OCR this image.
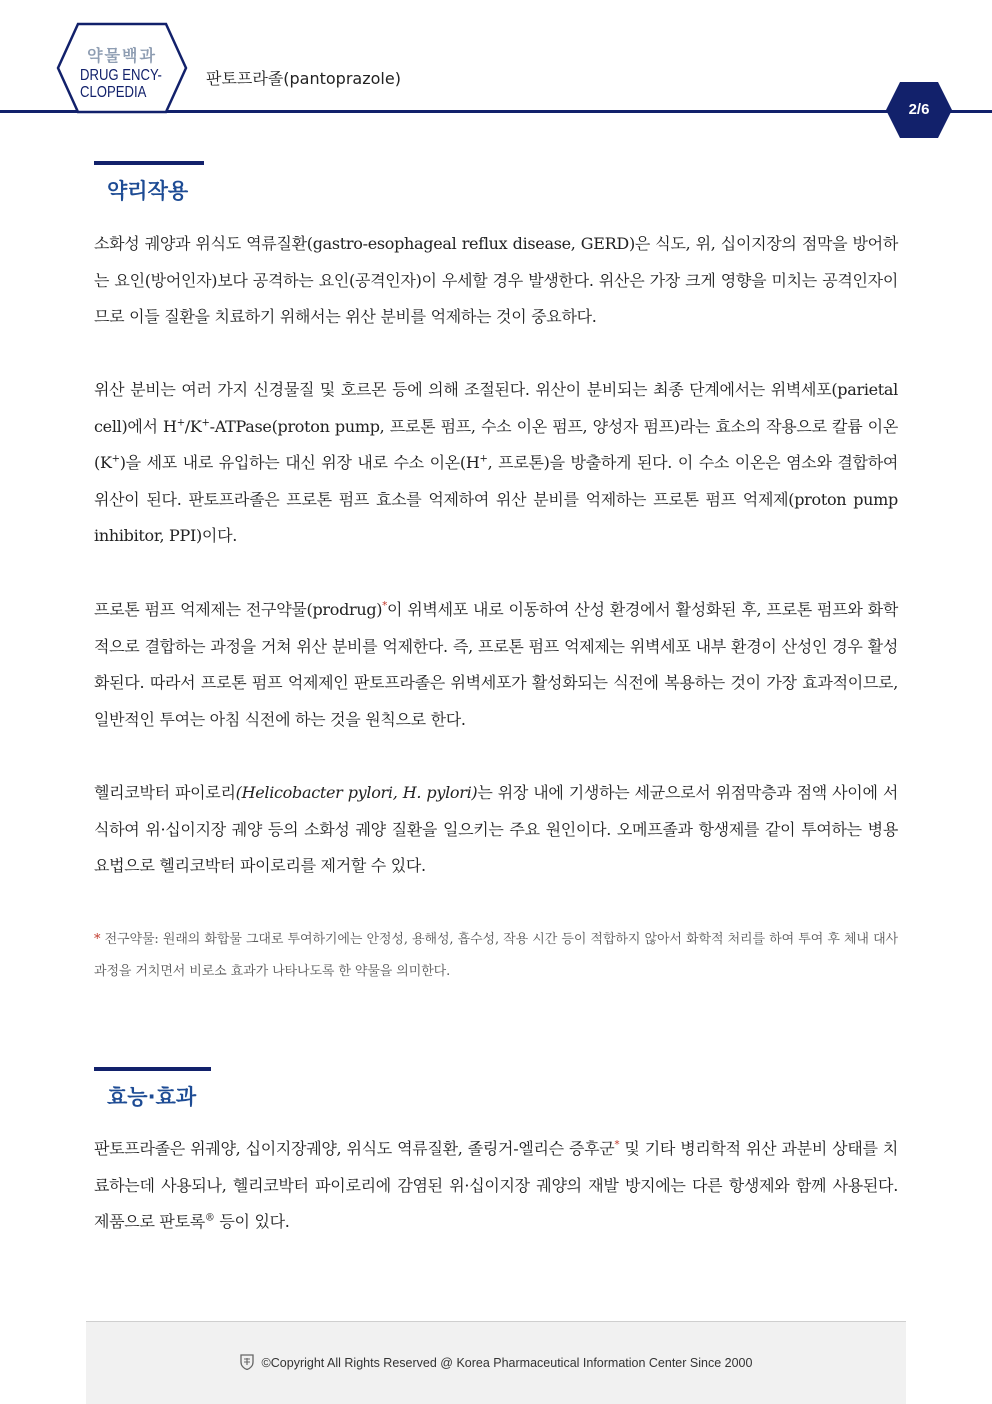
약물백과
DRUG ENCY-
CLOPEDIA
판토프라졸(pantoprazole)
2/6
약리작용

소화성 궤양과 위식도 역류질환(gastro-esophageal reflux disease, GERD)은 식도, 위, 십이지장의 점막을 방어하는 요인(방어인자)보다 공격하는 요인(공격인자)이 우세할 경우 발생한다. 위산은 가장 크게 영향을 미치는 공격인자이므로 이들 질환을 치료하기 위해서는 위산 분비를 억제하는 것이 중요하다.

위산 분비는 여러 가지 신경물질 및 호르몬 등에 의해 조절된다. 위산이 분비되는 최종 단계에서는 위벽세포(parietal cell)에서 H+/K+-ATPase(proton pump, 프로톤 펌프, 수소 이온 펌프, 양성자 펌프)라는 효소의 작용으로 칼륨 이온(K+)을 세포 내로 유입하는 대신 위장 내로 수소 이온(H+, 프로톤)을 방출하게 된다. 이 수소 이온은 염소와 결합하여 위산이 된다. 판토프라졸은 프로톤 펌프 효소를 억제하여 위산 분비를 억제하는 프로톤 펌프 억제제(proton pump inhibitor, PPI)이다.

프로톤 펌프 억제제는 전구약물(prodrug)*이 위벽세포 내로 이동하여 산성 환경에서 활성화된 후, 프로톤 펌프와 화학적으로 결합하는 과정을 거쳐 위산 분비를 억제한다. 즉, 프로톤 펌프 억제제는 위벽세포 내부 환경이 산성인 경우 활성화된다. 따라서 프로톤 펌프 억제제인 판토프라졸은 위벽세포가 활성화되는 식전에 복용하는 것이 가장 효과적이므로, 일반적인 투여는 아침 식전에 하는 것을 원칙으로 한다.

헬리코박터 파이로리(Helicobacter pylori, H. pylori)는 위장 내에 기생하는 세균으로서 위점막층과 점액 사이에 서식하여 위·십이지장 궤양 등의 소화성 궤양 질환을 일으키는 주요 원인이다. 오메프졸과 항생제를 같이 투여하는 병용요법으로 헬리코박터 파이로리를 제거할 수 있다.

* 전구약물: 원래의 화합물 그대로 투여하기에는 안정성, 용해성, 흡수성, 작용 시간 등이 적합하지 않아서 화학적 처리를 하여 투여 후 체내 대사과정을 거치면서 비로소 효과가 나타나도록 한 약물을 의미한다.

효능·효과

판토프라졸은 위궤양, 십이지장궤양, 위식도 역류질환, 졸링거-엘리슨 증후군* 및 기타 병리학적 위산 과분비 상태를 치료하는데 사용되나, 헬리코박터 파이로리에 감염된 위·십이지장 궤양의 재발 방지에는 다른 항생제와 함께 사용된다. 제품으로 판토록® 등이 있다.

©Copyright All Rights Reserved @ Korea Pharmaceutical Information Center Since 2000
